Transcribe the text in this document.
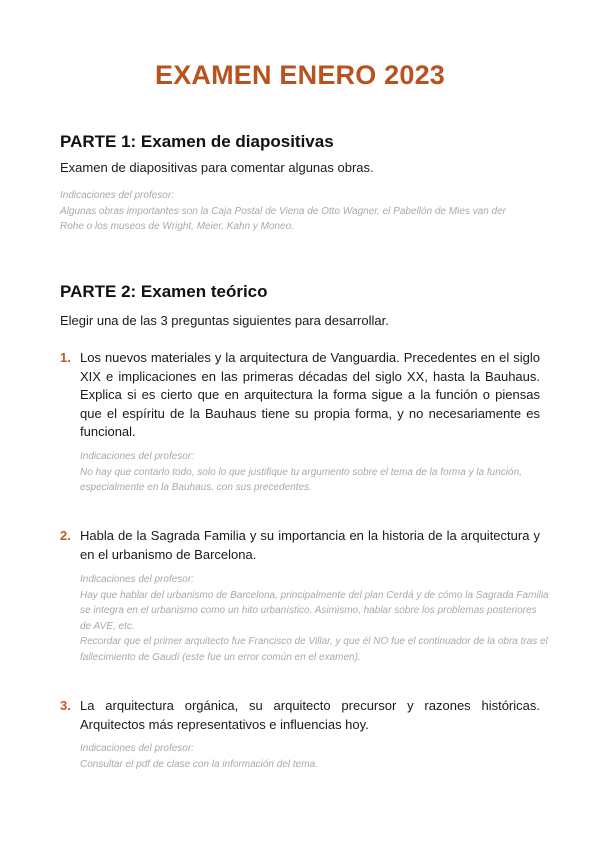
EXAMEN ENERO 2023
PARTE 1: Examen de diapositivas
Examen de diapositivas para comentar algunas obras.
Indicaciones del profesor:
Algunas obras importantes son la Caja Postal de Viena de Otto Wagner, el Pabellón de Mies van der Rohe o los museos de Wright, Meier, Kahn y Moneo.
PARTE 2: Examen teórico
Elegir una de las 3 preguntas siguientes para desarrollar.
1. Los nuevos materiales y la arquitectura de Vanguardia. Precedentes en el siglo XIX e implicaciones en las primeras décadas del siglo XX, hasta la Bauhaus. Explica si es cierto que en arquitectura la forma sigue a la función o piensas que el espíritu de la Bauhaus tiene su propia forma, y no necesariamente es funcional.
Indicaciones del profesor:
No hay que contarlo todo, solo lo que justifique tu argumento sobre el tema de la forma y la función, especialmente en la Bauhaus, con sus precedentes.
2. Habla de la Sagrada Familia y su importancia en la historia de la arquitectura y en el urbanismo de Barcelona.
Indicaciones del profesor:
Hay que hablar del urbanismo de Barcelona, principalmente del plan Cerdá y de cómo la Sagrada Familia se integra en el urbanismo como un hito urbanístico. Asimismo, hablar sobre los problemas posteriores de AVE, etc.
Recordar que el primer arquitecto fue Francisco de Villar, y que él NO fue el continuador de la obra tras el fallecimiento de Gaudí (este fue un error común en el examen).
3. La arquitectura orgánica, su arquitecto precursor y razones históricas. Arquitectos más representativos e influencias hoy.
Indicaciones del profesor:
Consultar el pdf de clase con la información del tema.
